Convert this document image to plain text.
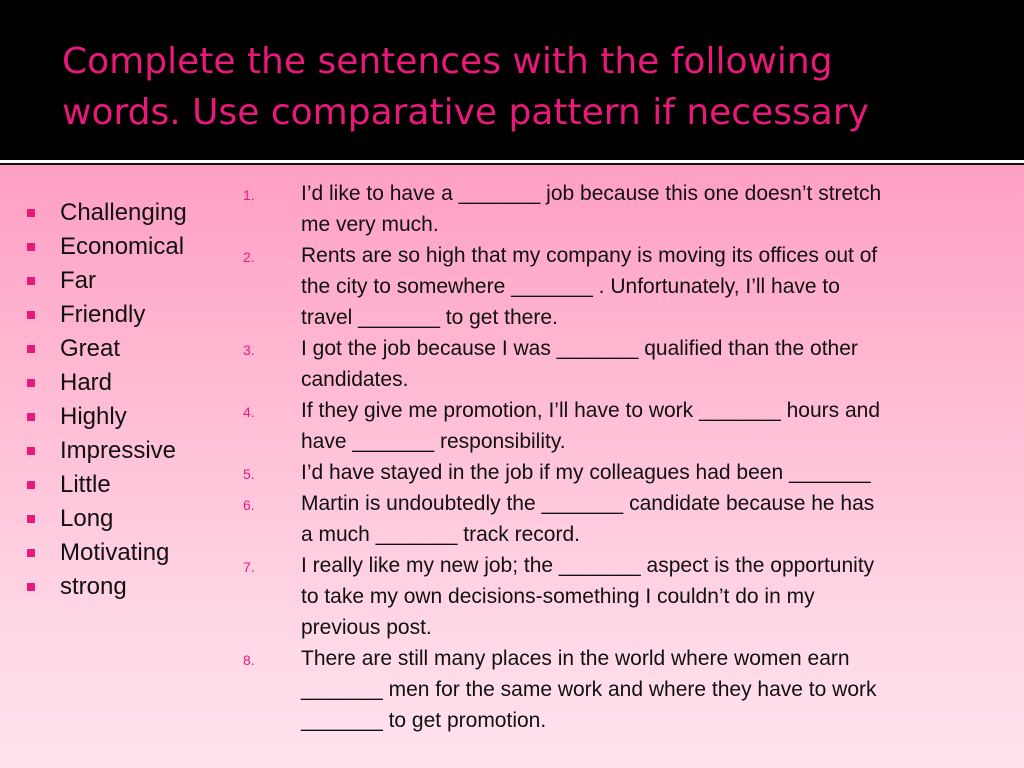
Complete the sentences with the following
words. Use comparative pattern if necessary
Challenging
Economical
Far
Friendly
Great
Hard
Highly
Impressive
Little
Long
Motivating
strong
1. I’d like to have a _______ job because this one doesn’t stretch
me very much.
2. Rents are so high that my company is moving its offices out of
the city to somewhere _______ . Unfortunately, I’ll have to
travel _______ to get there.
3. I got the job because I was _______ qualified than the other
candidates.
4. If they give me promotion, I’ll have to work _______ hours and
have _______ responsibility.
5. I’d have stayed in the job if my colleagues had been _______
6. Martin is undoubtedly the _______ candidate because he has
a much _______ track record.
7. I really like my new job; the _______ aspect is the opportunity
to take my own decisions-something I couldn’t do in my
previous post.
8. There are still many places in the world where women earn
_______ men for the same work and where they have to work
_______ to get promotion.
